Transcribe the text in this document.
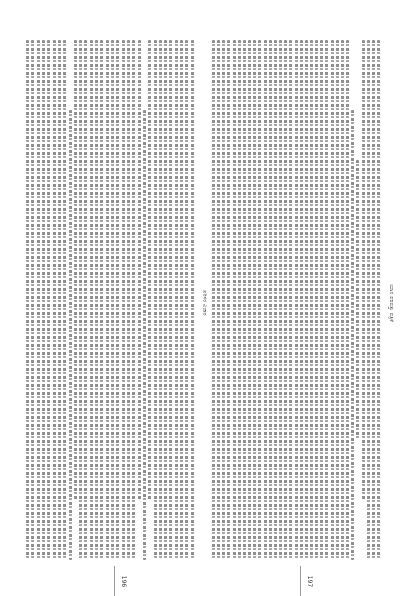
ಪರಿಸರ ವಿಚಾರ
196
ಯಾನ ಪರಿಷತ್ತು ಪತ್ರಿಕೆ
197
